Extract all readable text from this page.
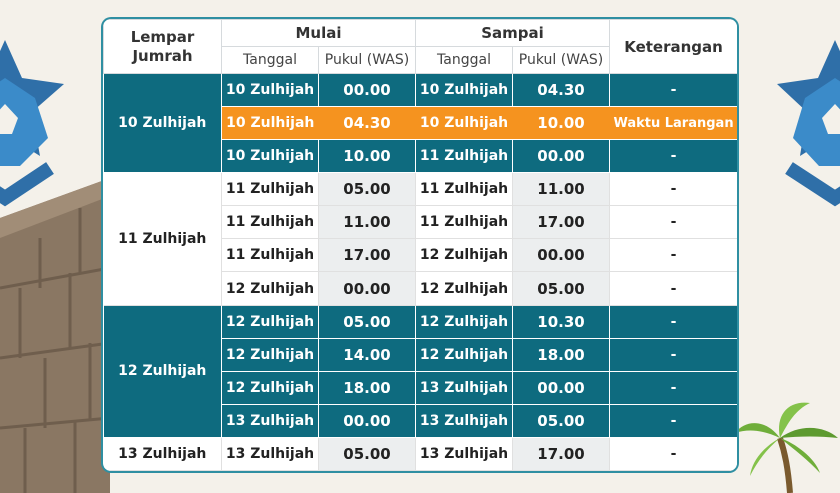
Lempar
Jumrah	Mulai		Sampai		Keterangan
	Tanggal	Pukul (WAS)	Tanggal	Pukul (WAS)	
10 Zulhijah	10 Zulhijah	00.00	10 Zulhijah	04.30	-
	10 Zulhijah	04.30	10 Zulhijah	10.00	Waktu Larangan
	10 Zulhijah	10.00	11 Zulhijah	00.00	-
11 Zulhijah	11 Zulhijah	05.00	11 Zulhijah	11.00	-
	11 Zulhijah	11.00	11 Zulhijah	17.00	-
	11 Zulhijah	17.00	12 Zulhijah	00.00	-
	12 Zulhijah	00.00	12 Zulhijah	05.00	-
12 Zulhijah	12 Zulhijah	05.00	12 Zulhijah	10.30	-
	12 Zulhijah	14.00	12 Zulhijah	18.00	-
	12 Zulhijah	18.00	13 Zulhijah	00.00	-
	13 Zulhijah	00.00	13 Zulhijah	05.00	-
13 Zulhijah	13 Zulhijah	05.00	13 Zulhijah	17.00	-
